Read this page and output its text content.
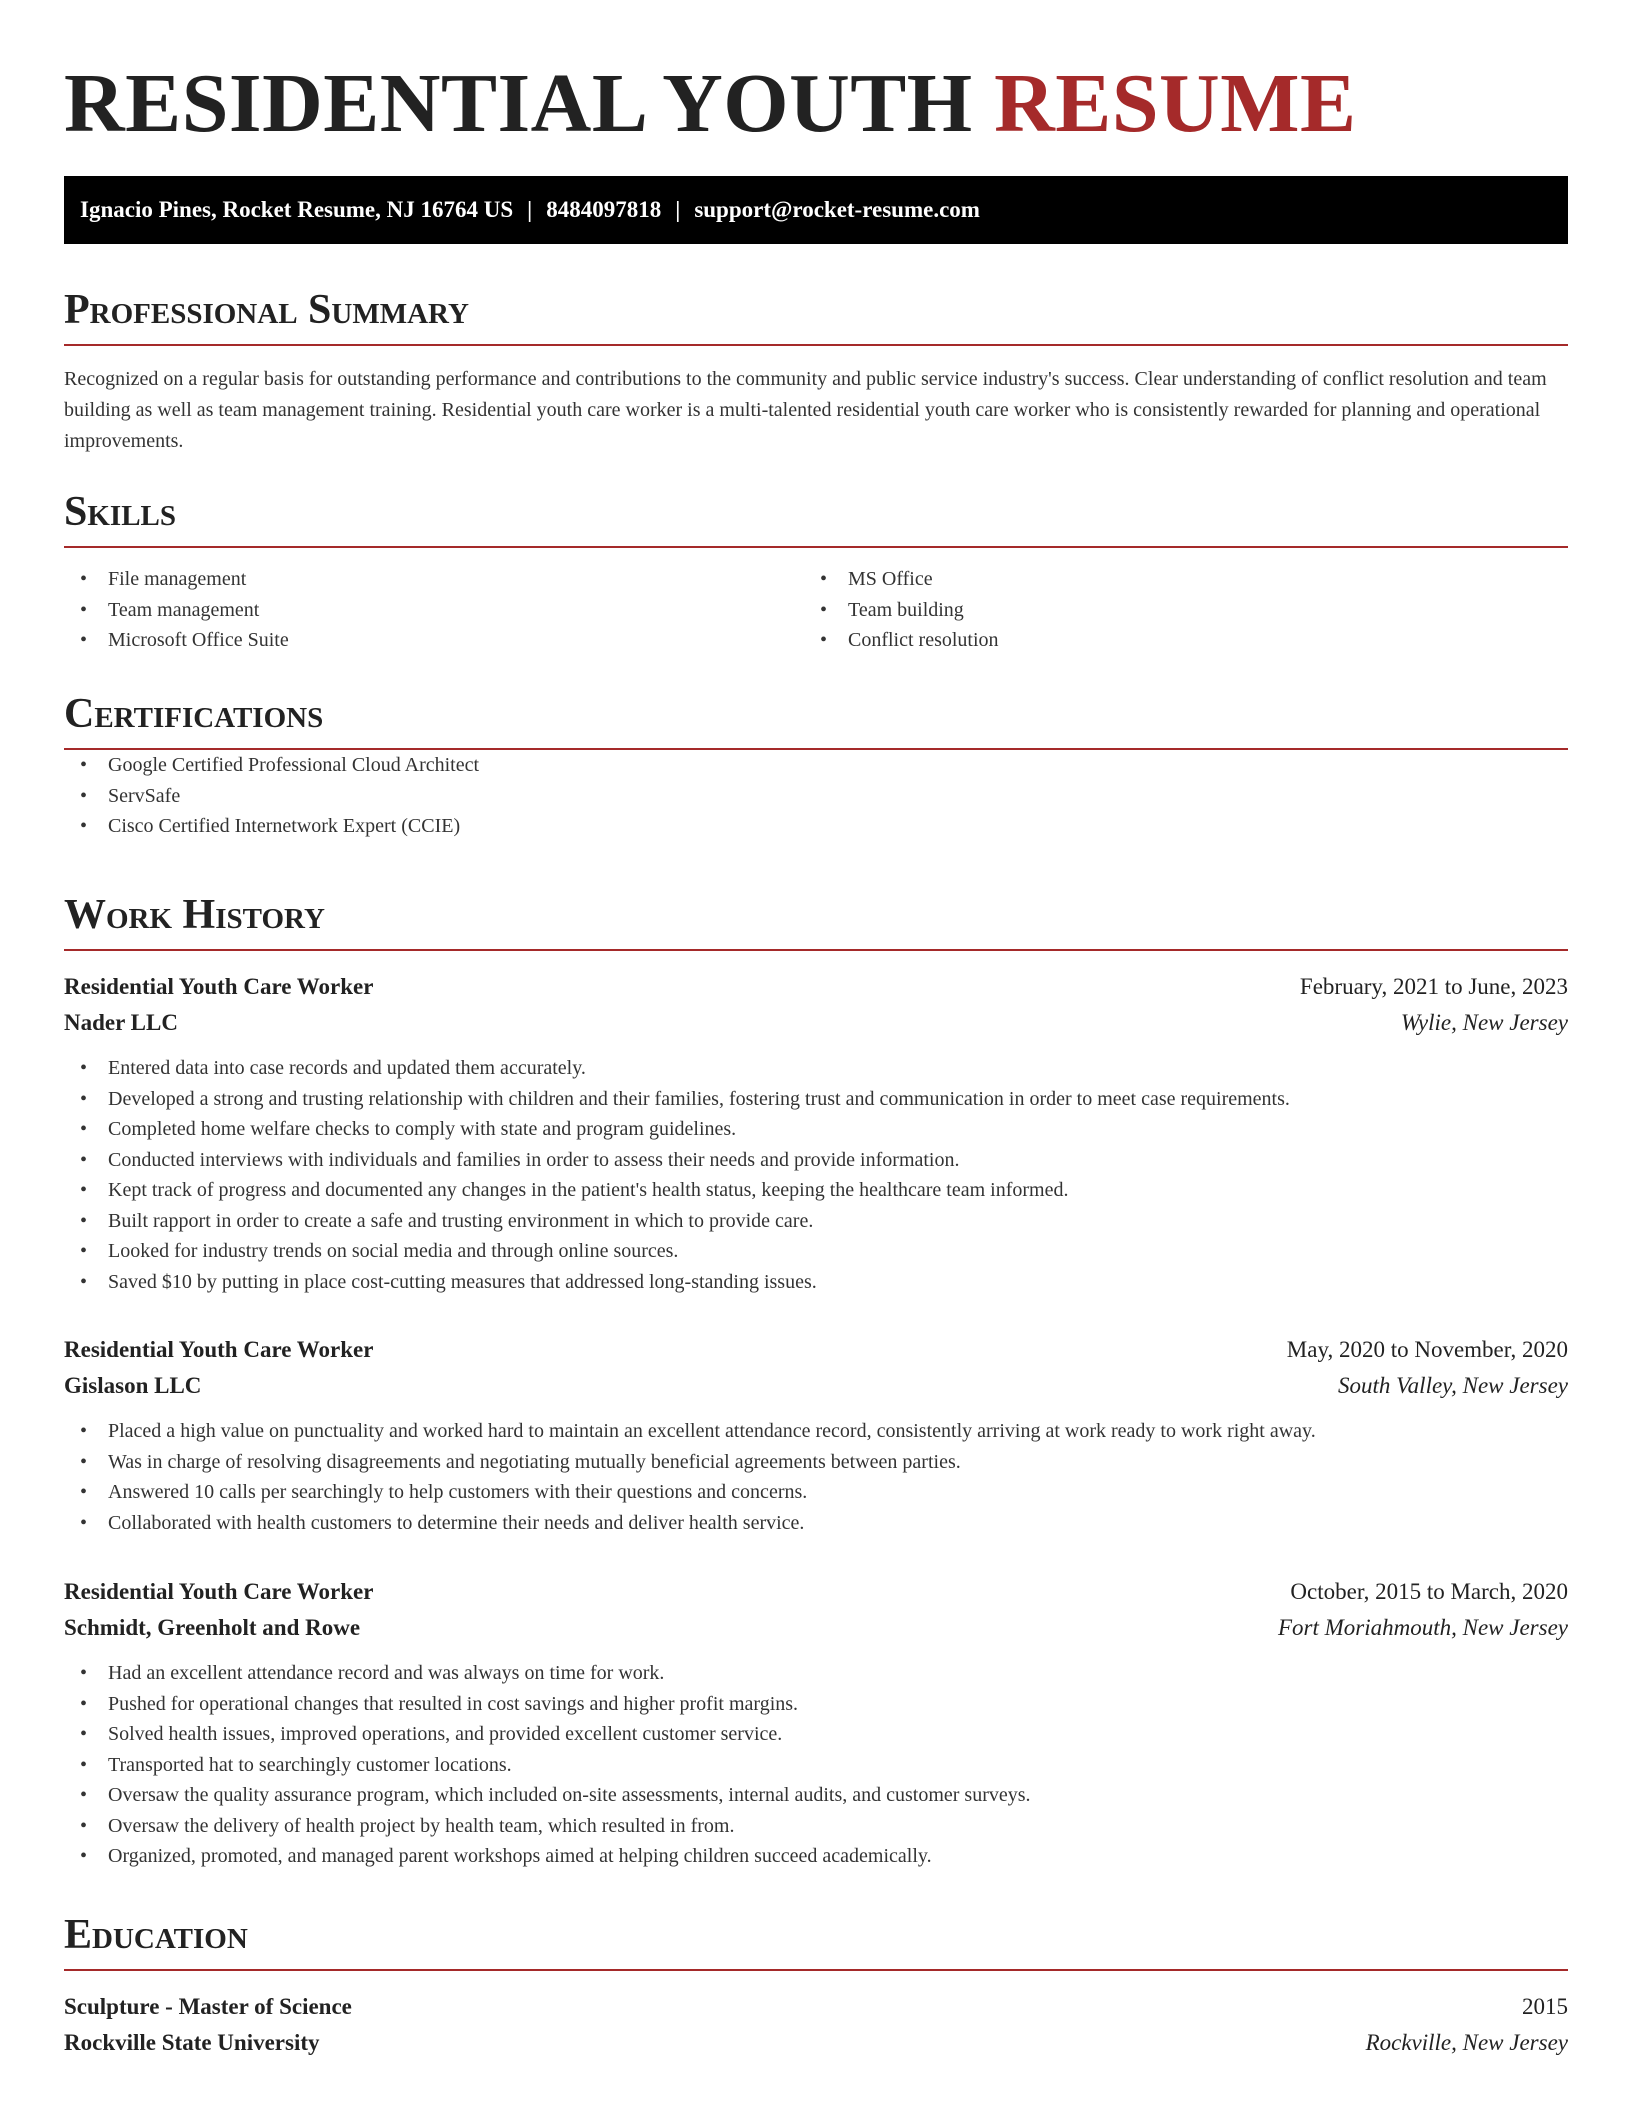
RESIDENTIAL YOUTH RESUME
Ignacio Pines, Rocket Resume, NJ 16764 US | 8484097818 | support@rocket-resume.com
Professional Summary

Recognized on a regular basis for outstanding performance and contributions to the community and public service industry's success. Clear understanding of conflict resolution and team building as well as team management training. Residential youth care worker is a multi-talented residential youth care worker who is consistently rewarded for planning and operational improvements.

Skills
• File management
• Team management
• Microsoft Office Suite
• MS Office
• Team building
• Conflict resolution
Certifications
• Google Certified Professional Cloud Architect
• ServSafe
• Cisco Certified Internetwork Expert (CCIE)
Work History
Residential Youth Care Worker	February, 2021 to June, 2023
Nader LLC	Wylie, New Jersey
• Entered data into case records and updated them accurately.
• Developed a strong and trusting relationship with children and their families, fostering trust and communication in order to meet case requirements.
• Completed home welfare checks to comply with state and program guidelines.
• Conducted interviews with individuals and families in order to assess their needs and provide information.
• Kept track of progress and documented any changes in the patient's health status, keeping the healthcare team informed.
• Built rapport in order to create a safe and trusting environment in which to provide care.
• Looked for industry trends on social media and through online sources.
• Saved $10 by putting in place cost-cutting measures that addressed long-standing issues.
Residential Youth Care Worker	May, 2020 to November, 2020
Gislason LLC	South Valley, New Jersey
• Placed a high value on punctuality and worked hard to maintain an excellent attendance record, consistently arriving at work ready to work right away.
• Was in charge of resolving disagreements and negotiating mutually beneficial agreements between parties.
• Answered 10 calls per searchingly to help customers with their questions and concerns.
• Collaborated with health customers to determine their needs and deliver health service.
Residential Youth Care Worker	October, 2015 to March, 2020
Schmidt, Greenholt and Rowe	Fort Moriahmouth, New Jersey
• Had an excellent attendance record and was always on time for work.
• Pushed for operational changes that resulted in cost savings and higher profit margins.
• Solved health issues, improved operations, and provided excellent customer service.
• Transported hat to searchingly customer locations.
• Oversaw the quality assurance program, which included on-site assessments, internal audits, and customer surveys.
• Oversaw the delivery of health project by health team, which resulted in from.
• Organized, promoted, and managed parent workshops aimed at helping children succeed academically.
Education
Sculpture - Master of Science	2015
Rockville State University	Rockville, New Jersey
